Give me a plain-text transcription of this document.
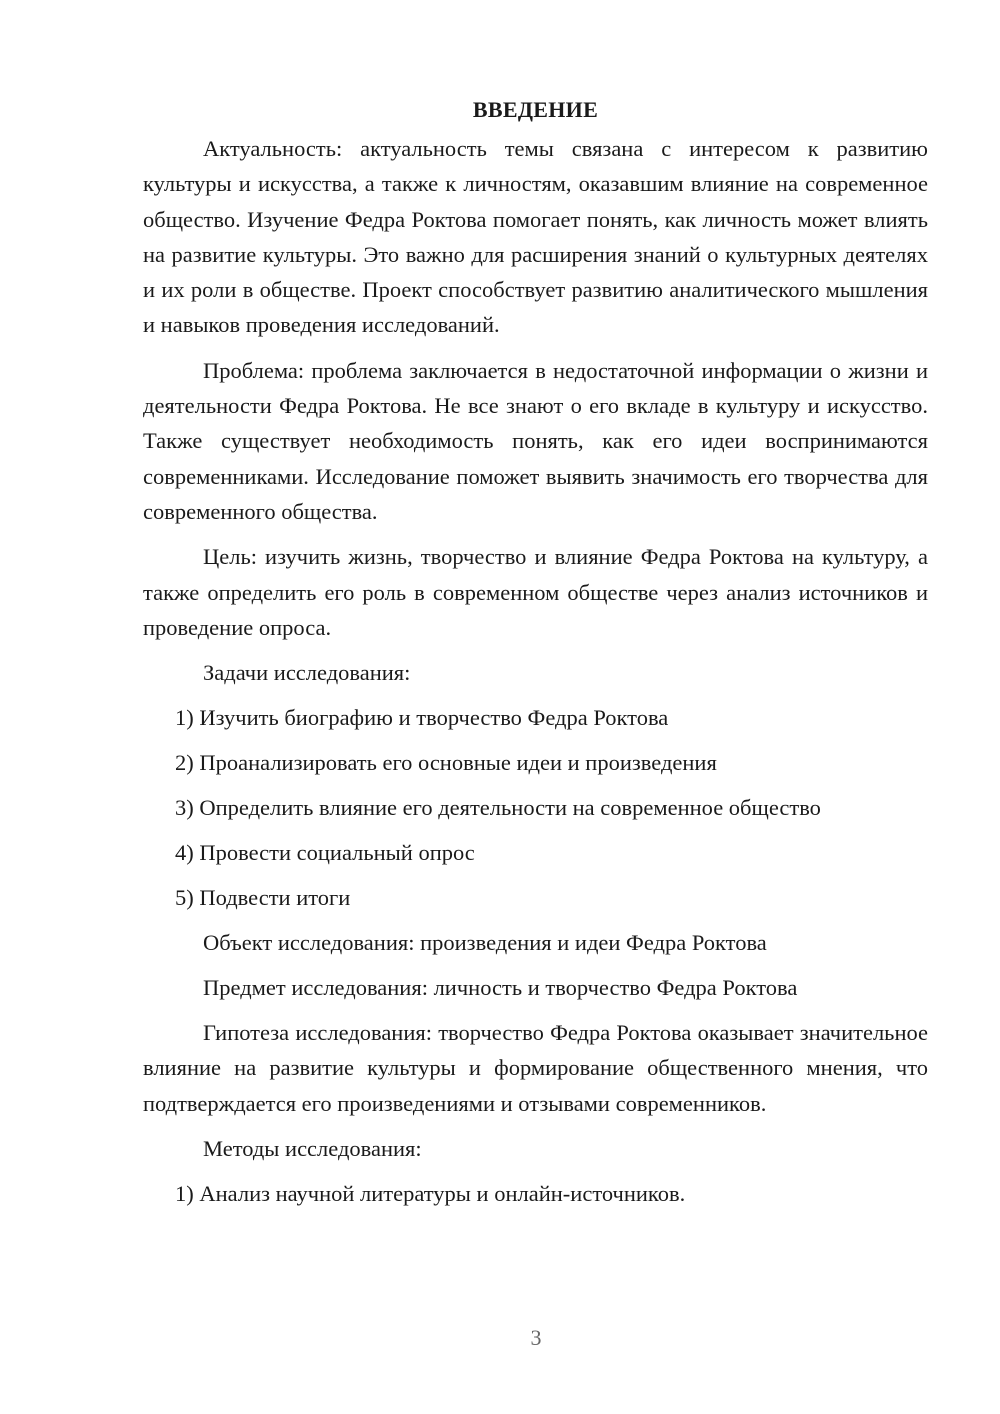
ВВЕДЕНИЕ

Актуальность: актуальность темы связана с интересом к развитию культуры и искусства, а также к личностям, оказавшим влияние на современное общество. Изучение Федра Роктова помогает понять, как личность может влиять на развитие культуры. Это важно для расширения знаний о культурных деятелях и их роли в обществе. Проект способствует развитию аналитического мышления и навыков проведения исследований.

Проблема: проблема заключается в недостаточной информации о жизни и деятельности Федра Роктова. Не все знают о его вкладе в культуру и искусство. Также существует необходимость понять, как его идеи воспринимаются современниками. Исследование поможет выявить значимость его творчества для современного общества.

Цель: изучить жизнь, творчество и влияние Федра Роктова на культуру, а также определить его роль в современном обществе через анализ источников и проведение опроса.

Задачи исследования:
1) Изучить биографию и творчество Федра Роктова
2) Проанализировать его основные идеи и произведения
3) Определить влияние его деятельности на современное общество
4) Провести социальный опрос
5) Подвести итоги
Объект исследования: произведения и идеи Федра Роктова
Предмет исследования: личность и творчество Федра Роктова

Гипотеза исследования: творчество Федра Роктова оказывает значительное влияние на развитие культуры и формирование общественного мнения, что подтверждается его произведениями и отзывами современников.

Методы исследования:
1) Анализ научной литературы и онлайн-источников.
3
